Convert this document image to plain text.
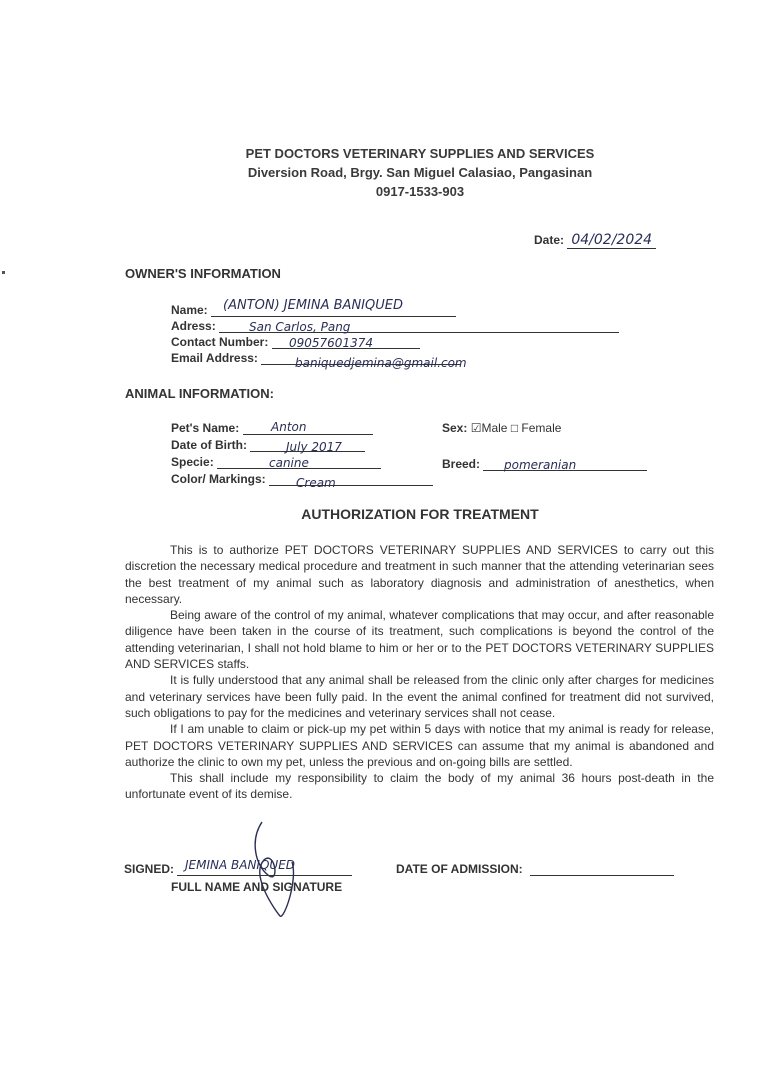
PET DOCTORS VETERINARY SUPPLIES AND SERVICES
Diversion Road, Brgy. San Miguel Calasiao, Pangasinan
0917-1533-903
Date: 04/02/2024
OWNER'S INFORMATION
Name: (ANTON) JEMINA BANIQUED
Adress:	San Carlos, Pang
Contact Number: 09057601374
Email Address:	baniquedjemina@gmail.com
ANIMAL INFORMATION:
Pet's Name:	Anton
Date of Birth:	July 2017
Specie:	canine
Color/ Markings:	Cream
Sex: ☑Male □ Female
Breed: pomeranian
AUTHORIZATION FOR TREATMENT

This is to authorize PET DOCTORS VETERINARY SUPPLIES AND SERVICES to carry out this discretion the necessary medical procedure and treatment in such manner that the attending veterinarian sees the best treatment of my animal such as laboratory diagnosis and administration of anesthetics, when necessary.

Being aware of the control of my animal, whatever complications that may occur, and after reasonable diligence have been taken in the course of its treatment, such complications is beyond the control of the attending veterinarian, I shall not hold blame to him or her or to the PET DOCTORS VETERINARY SUPPLIES AND SERVICES staffs.

It is fully understood that any animal shall be released from the clinic only after charges for medicines and veterinary services have been fully paid. In the event the animal confined for treatment did not survived, such obligations to pay for the medicines and veterinary services shall not cease.

If I am unable to claim or pick-up my pet within 5 days with notice that my animal is ready for release, PET DOCTORS VETERINARY SUPPLIES AND SERVICES can assume that my animal is abandoned and authorize the clinic to own my pet, unless the previous and on-going bills are settled.

This shall include my responsibility to claim the body of my animal 36 hours post-death in the unfortunate event of its demise.

JEMINA BANIQUED
SIGNED:
FULL NAME AND SIGNATURE
DATE OF ADMISSION:
